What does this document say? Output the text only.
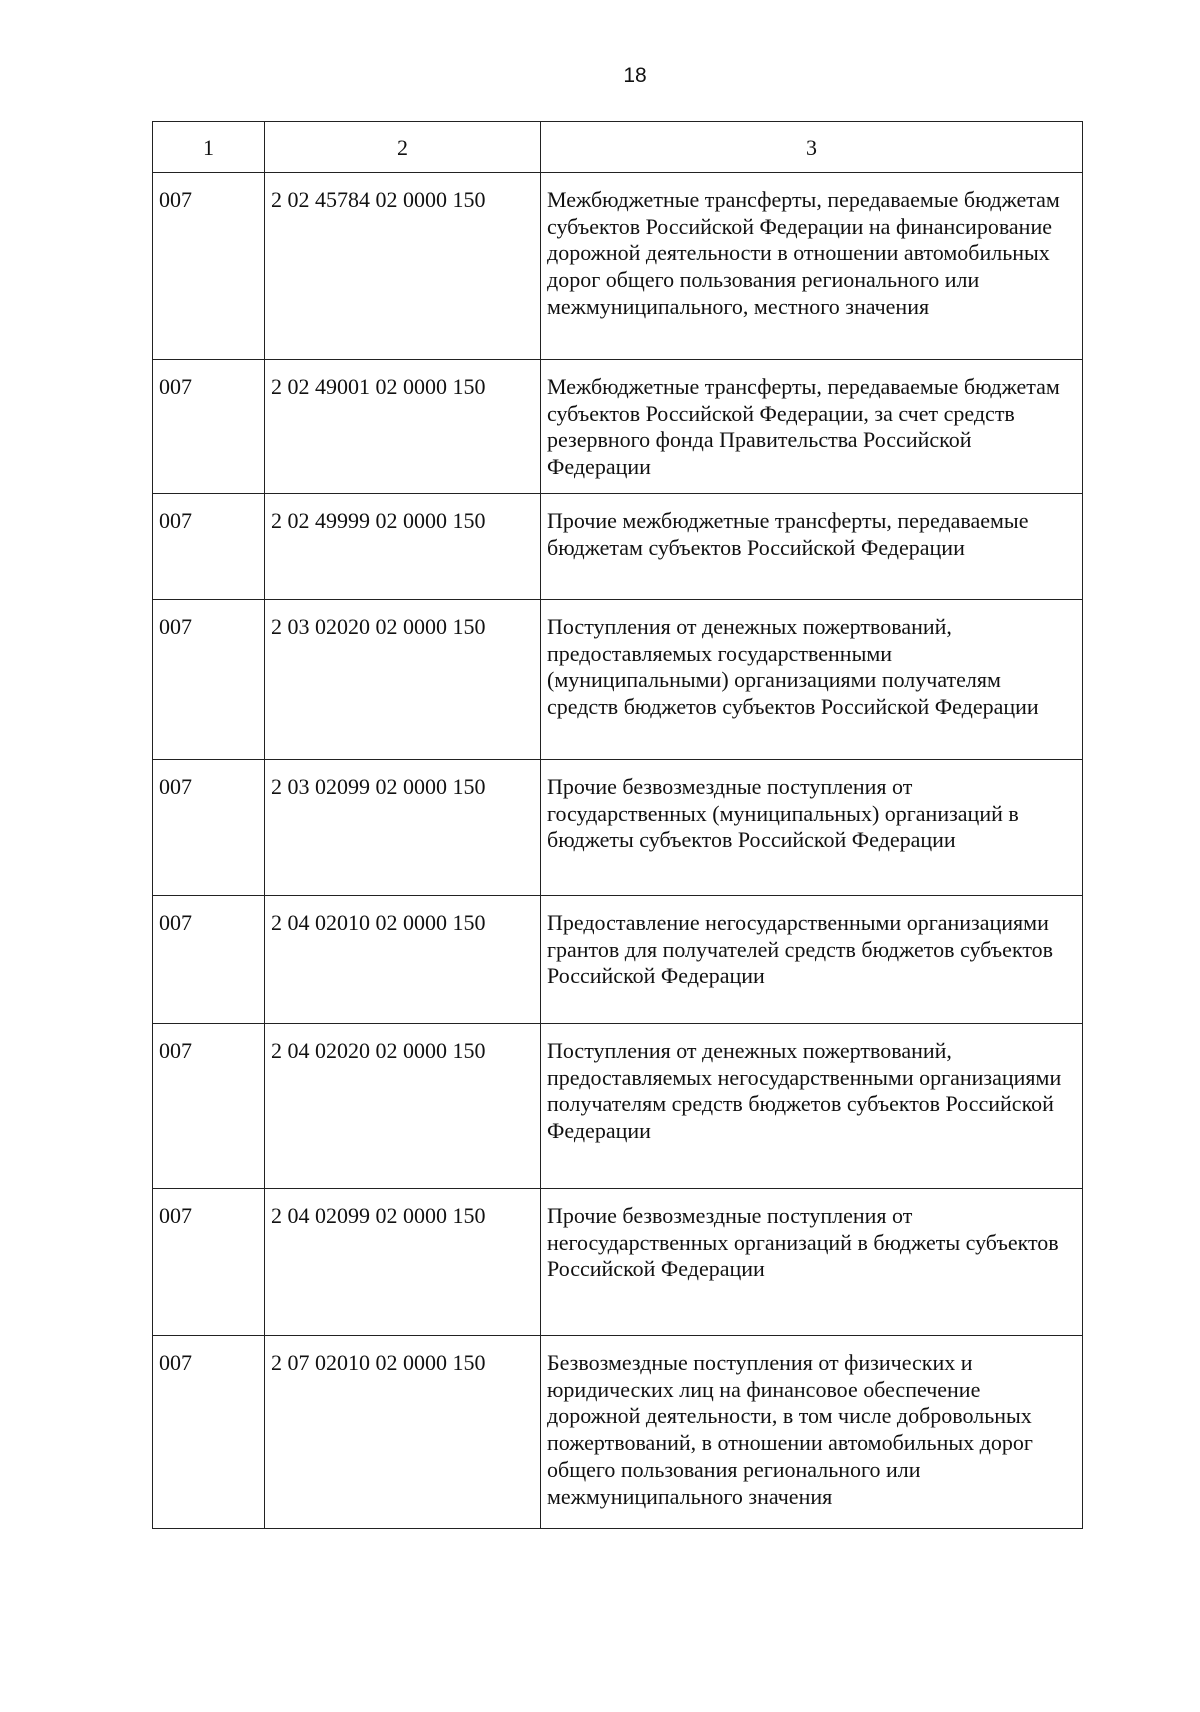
18
1	2	3
007	2 02 45784 02 0000 150	Межбюджетные трансферты, передаваемые бюджетам субъектов Российской Федерации на финансирование дорожной деятельности в отношении автомобильных дорог общего пользования регионального или межмуниципального, местного значения
007	2 02 49001 02 0000 150	Межбюджетные трансферты, передаваемые бюджетам субъектов Российской Федерации, за счет средств резервного фонда Правительства Российской Федерации
007	2 02 49999 02 0000 150	Прочие межбюджетные трансферты, передаваемые бюджетам субъектов Российской Федерации
007	2 03 02020 02 0000 150	Поступления от денежных пожертвований, предоставляемых государственными (муниципальными) организациями получателям средств бюджетов субъектов Российской Федерации
007	2 03 02099 02 0000 150	Прочие безвозмездные поступления от государственных (муниципальных) организаций в бюджеты субъектов Российской Федерации
007	2 04 02010 02 0000 150	Предоставление негосударственными организациями грантов для получателей средств бюджетов субъектов Российской Федерации
007	2 04 02020 02 0000 150	Поступления от денежных пожертвований, предоставляемых негосударственными организациями получателям средств бюджетов субъектов Российской Федерации
007	2 04 02099 02 0000 150	Прочие безвозмездные поступления от негосударственных организаций в бюджеты субъектов Российской Федерации
007	2 07 02010 02 0000 150	Безвозмездные поступления от физических и юридических лиц на финансовое обеспечение дорожной деятельности, в том числе добровольных пожертвований, в отношении автомобильных дорог общего пользования регионального или межмуниципального значения
